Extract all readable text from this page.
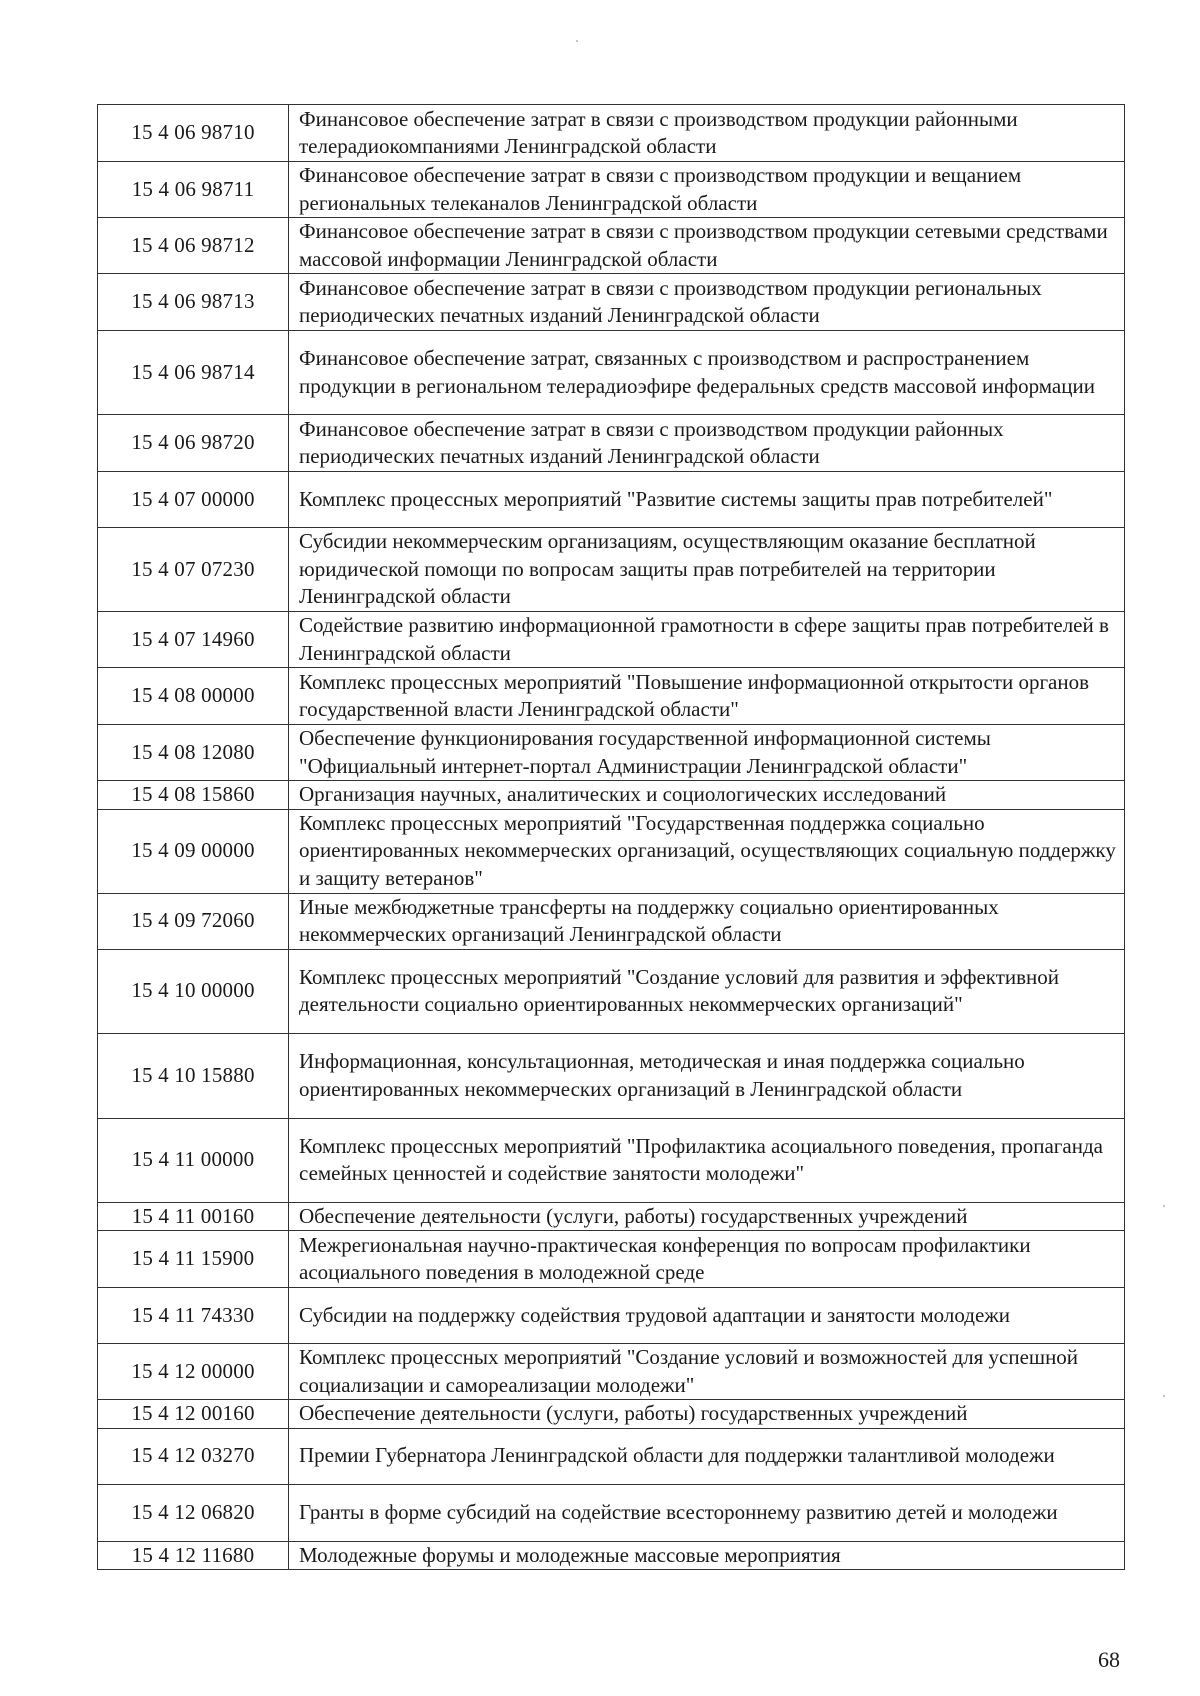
15 4 06 98710	Финансовое обеспечение затрат в связи с производством продукции районными телерадиокомпаниями Ленинградской области
15 4 06 98711	Финансовое обеспечение затрат в связи с производством продукции и вещанием региональных телеканалов Ленинградской области
15 4 06 98712	Финансовое обеспечение затрат в связи с производством продукции сетевыми средствами массовой информации Ленинградской области
15 4 06 98713	Финансовое обеспечение затрат в связи с производством продукции региональных периодических печатных изданий Ленинградской области
15 4 06 98714	Финансовое обеспечение затрат, связанных с производством и распространением продукции в региональном телерадиоэфире федеральных средств массовой информации
15 4 06 98720	Финансовое обеспечение затрат в связи с производством продукции районных периодических печатных изданий Ленинградской области
15 4 07 00000	Комплекс процессных мероприятий "Развитие системы защиты прав потребителей"
15 4 07 07230	Субсидии некоммерческим организациям, осуществляющим оказание бесплатной юридической помощи по вопросам защиты прав потребителей на территории Ленинградской области
15 4 07 14960	Содействие развитию информационной грамотности в сфере защиты прав потребителей в Ленинградской области
15 4 08 00000	Комплекс процессных мероприятий "Повышение информационной открытости органов государственной власти Ленинградской области"
15 4 08 12080	Обеспечение функционирования государственной информационной системы "Официальный интернет-портал Администрации Ленинградской области"
15 4 08 15860	Организация научных, аналитических и социологических исследований
15 4 09 00000	Комплекс процессных мероприятий "Государственная поддержка социально ориентированных некоммерческих организаций, осуществляющих социальную поддержку и защиту ветеранов"
15 4 09 72060	Иные межбюджетные трансферты на поддержку социально ориентированных некоммерческих организаций Ленинградской области
15 4 10 00000	Комплекс процессных мероприятий "Создание условий для развития и эффективной деятельности социально ориентированных некоммерческих организаций"
15 4 10 15880	Информационная, консультационная, методическая и иная поддержка социально ориентированных некоммерческих организаций в Ленинградской области
15 4 11 00000	Комплекс процессных мероприятий "Профилактика асоциального поведения, пропаганда семейных ценностей и содействие занятости молодежи"
15 4 11 00160	Обеспечение деятельности (услуги, работы) государственных учреждений
15 4 11 15900	Межрегиональная научно-практическая конференция по вопросам профилактики асоциального поведения в молодежной среде
15 4 11 74330	Субсидии на поддержку содействия трудовой адаптации и занятости молодежи
15 4 12 00000	Комплекс процессных мероприятий "Создание условий и возможностей для успешной социализации и самореализации молодежи"
15 4 12 00160	Обеспечение деятельности (услуги, работы) государственных учреждений
15 4 12 03270	Премии Губернатора Ленинградской области для поддержки талантливой молодежи
15 4 12 06820	Гранты в форме субсидий на содействие всестороннему развитию детей и молодежи
15 4 12 11680	Молодежные форумы и молодежные массовые мероприятия
68
